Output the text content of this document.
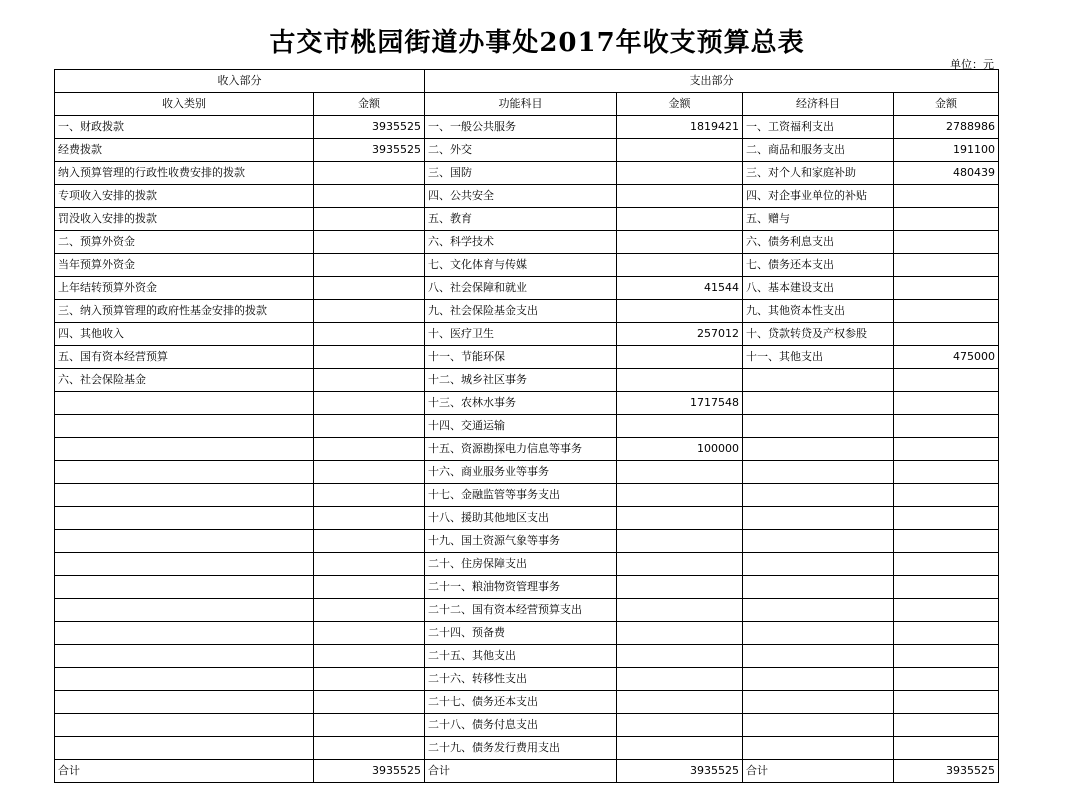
古交市桃园街道办事处2017年收支预算总表
单位：元
收入部分		支出部分			
收入类别	金额	功能科目	金额	经济科目	金额
一、财政拨款	3935525	一、一般公共服务	1819421	一、工资福利支出	2788986
经费拨款	3935525	二、外交		二、商品和服务支出	191100
纳入预算管理的行政性收费安排的拨款		三、国防		三、对个人和家庭补助	480439
专项收入安排的拨款		四、公共安全		四、对企事业单位的补贴	
罚没收入安排的拨款		五、教育		五、赠与	
二、预算外资金		六、科学技术		六、债务利息支出	
当年预算外资金		七、文化体育与传媒		七、债务还本支出	
上年结转预算外资金		八、社会保障和就业	41544	八、基本建设支出	
三、纳入预算管理的政府性基金安排的拨款		九、社会保险基金支出		九、其他资本性支出	
四、其他收入		十、医疗卫生	257012	十、贷款转贷及产权参股	
五、国有资本经营预算		十一、节能环保		十一、其他支出	475000
六、社会保险基金		十二、城乡社区事务			
		十三、农林水事务	1717548		
		十四、交通运输			
		十五、资源勘探电力信息等事务	100000		
		十六、商业服务业等事务			
		十七、金融监管等事务支出			
		十八、援助其他地区支出			
		十九、国土资源气象等事务			
		二十、住房保障支出			
		二十一、粮油物资管理事务			
		二十二、国有资本经营预算支出			
		二十四、预备费			
		二十五、其他支出			
		二十六、转移性支出			
		二十七、债务还本支出			
		二十八、债务付息支出			
		二十九、债务发行费用支出			
合计	3935525	合计	3935525	合计	3935525
